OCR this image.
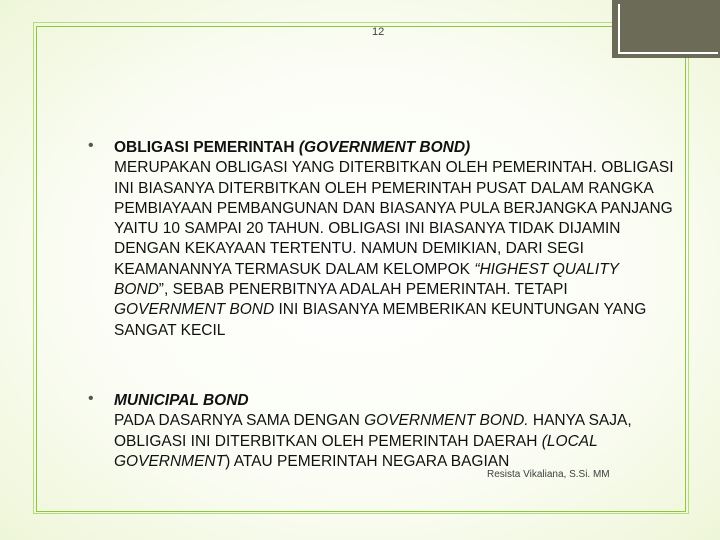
12
• OBLIGASI PEMERINTAH (GOVERNMENT BOND)
MERUPAKAN OBLIGASI YANG DITERBITKAN OLEH PEMERINTAH. OBLIGASI INI BIASANYA DITERBITKAN OLEH PEMERINTAH PUSAT DALAM RANGKA PEMBIAYAAN PEMBANGUNAN DAN BIASANYA PULA BERJANGKA PANJANG YAITU 10 SAMPAI 20 TAHUN. OBLIGASI INI BIASANYA TIDAK DIJAMIN DENGAN KEKAYAAN TERTENTU. NAMUN DEMIKIAN, DARI SEGI KEAMANANNYA TERMASUK DALAM KELOMPOK “HIGHEST QUALITY BOND”, SEBAB PENERBITNYA ADALAH PEMERINTAH. TETAPI GOVERNMENT BOND INI BIASANYA MEMBERIKAN KEUNTUNGAN YANG SANGAT KECIL
• MUNICIPAL BOND
PADA DASARNYA SAMA DENGAN GOVERNMENT BOND. HANYA SAJA, OBLIGASI INI DITERBITKAN OLEH PEMERINTAH DAERAH (LOCAL GOVERNMENT) ATAU PEMERINTAH NEGARA BAGIAN
Resista Vikaliana, S.Si. MM
